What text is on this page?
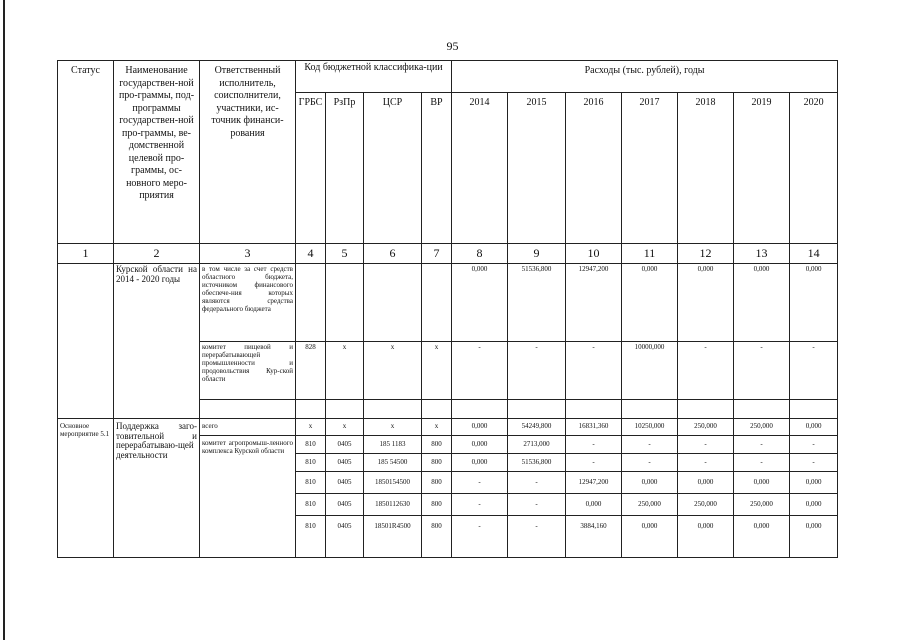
95
Статус	Наименование государствен-ной про-граммы, под-программы государствен-ной про-граммы, ве-домственной целевой про-граммы, ос-новного меро-приятия	Ответственный исполнитель, соисполнители, участники, ис-точник финанси-рования	Код бюджетной классифика-ции				Расходы (тыс. рублей), годы						
			ГРБС	РзПр	ЦСР	ВР	2014	2015	2016	2017	2018	2019	2020
1	2	3	4	5	6	7	8	9	10	11	12	13	14
	Курской области на 2014 - 2020 годы	в том числе за счет средств областного бюджета, источником финансового обеспече-ния которых являются средства федерального бюджета					0,000	51536,800	12947,200	0,000	0,000	0,000	0,000
		комитет пищевой и перерабатывающей промышленности и продовольствия Кур-ской области	828	х	х	х	-	-	-	10000,000	-	-	-

Основное мероприятие 5.1	Поддержка заго-товительной и перерабатываю-щей деятельности	всего	х	х	х	х	0,000	54249,800	16831,360	10250,000	250,000	250,000	0,000
		комитет агропромыш-ленного комплекса Курской области	810	0405	185 1183	800	0,000	2713,000	-	-	-	-	-
			810	0405	185 54500	800	0,000	51536,800	-	-	-	-	-
			810	0405	1850154500	800	-	-	12947,200	0,000	0,000	0,000	0,000
			810	0405	1850112630	800	-	-	0,000	250,000	250,000	250,000	0,000
			810	0405	18501R4500	800	-	-	3884,160	0,000	0,000	0,000	0,000
